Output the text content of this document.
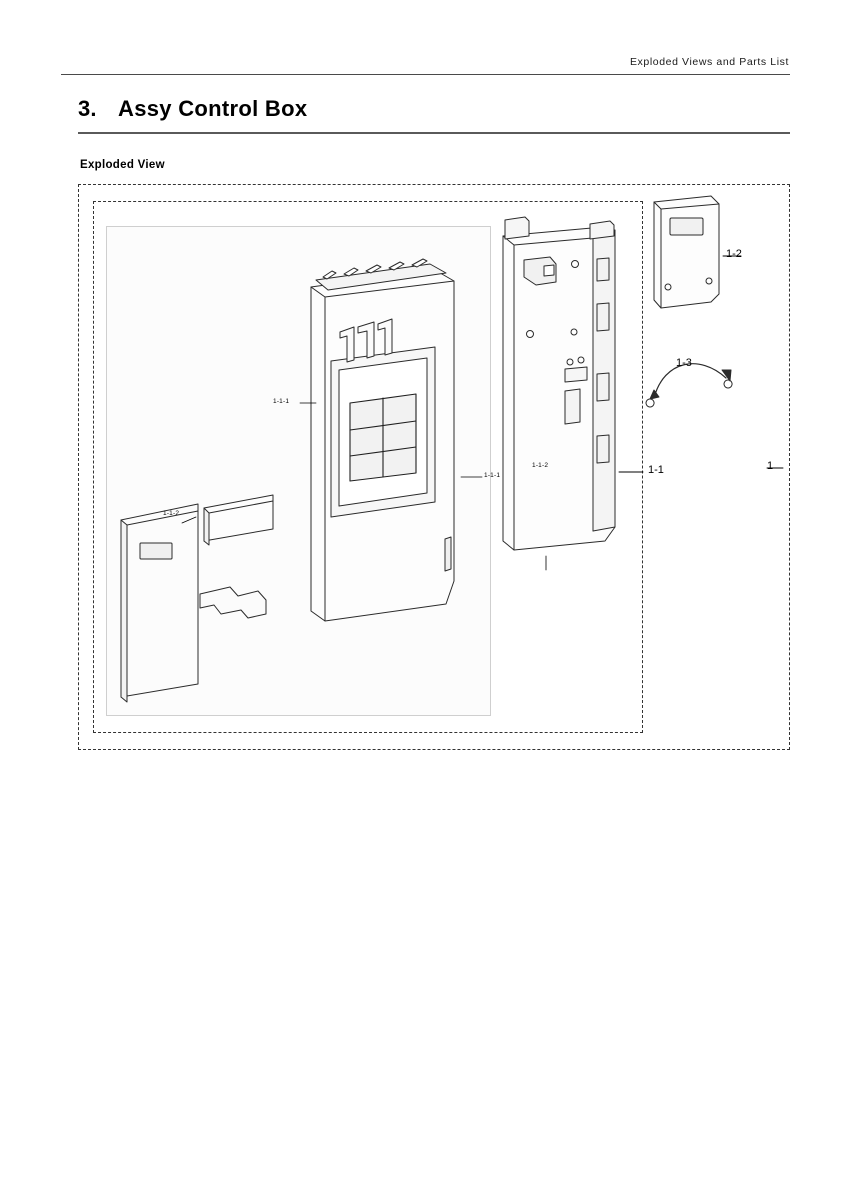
Exploded Views and Parts List
3. Assy Control Box
Exploded View
1
1-1
1-2
1-3
1-1-1
1-1-2
1-1-1
1-1-2
